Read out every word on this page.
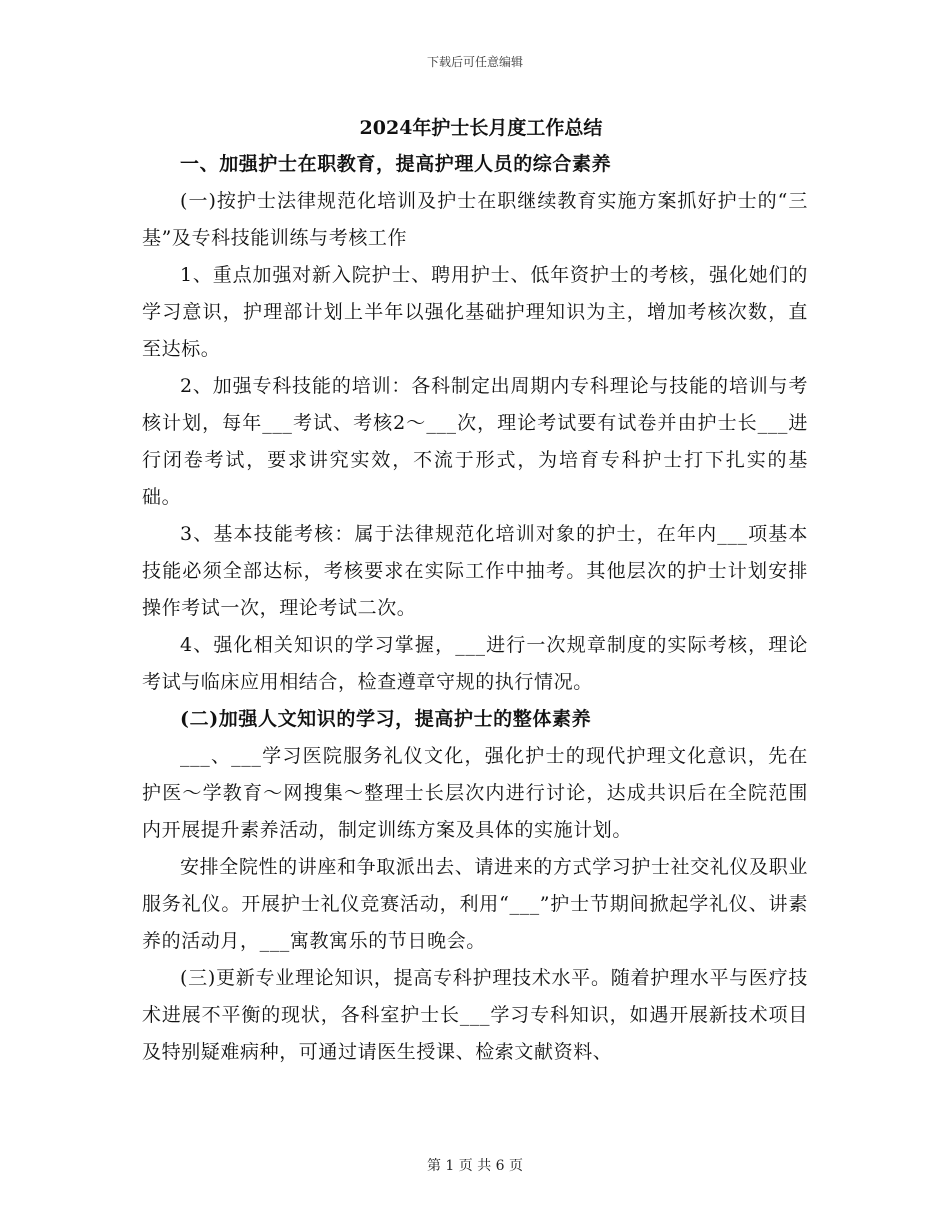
下载后可任意编辑
2024年护士长月度工作总结

一、加强护士在职教育，提高护理人员的综合素养

(一)按护士法律规范化培训及护士在职继续教育实施方案抓好护士的“三基”及专科技能训练与考核工作

1、重点加强对新入院护士、聘用护士、低年资护士的考核，强化她们的学习意识，护理部计划上半年以强化基础护理知识为主，增加考核次数，直至达标。

2、加强专科技能的培训：各科制定出周期内专科理论与技能的培训与考核计划，每年___考试、考核2～___次，理论考试要有试卷并由护士长___进行闭卷考试，要求讲究实效，不流于形式，为培育专科护士打下扎实的基础。

3、基本技能考核：属于法律规范化培训对象的护士，在年内___项基本技能必须全部达标，考核要求在实际工作中抽考。其他层次的护士计划安排操作考试一次，理论考试二次。

4、强化相关知识的学习掌握，___进行一次规章制度的实际考核，理论考试与临床应用相结合，检查遵章守规的执行情况。

(二)加强人文知识的学习，提高护士的整体素养

___、___学习医院服务礼仪文化，强化护士的现代护理文化意识，先在护医～学教育～网搜集～整理士长层次内进行讨论，达成共识后在全院范围内开展提升素养活动，制定训练方案及具体的实施计划。

安排全院性的讲座和争取派出去、请进来的方式学习护士社交礼仪及职业服务礼仪。开展护士礼仪竞赛活动，利用“___”护士节期间掀起学礼仪、讲素养的活动月，___寓教寓乐的节日晚会。

(三)更新专业理论知识，提高专科护理技术水平。随着护理水平与医疗技术进展不平衡的现状，各科室护士长___学习专科知识，如遇开展新技术项目及特别疑难病种，可通过请医生授课、检索文献资料、

第 1 页 共 6 页
